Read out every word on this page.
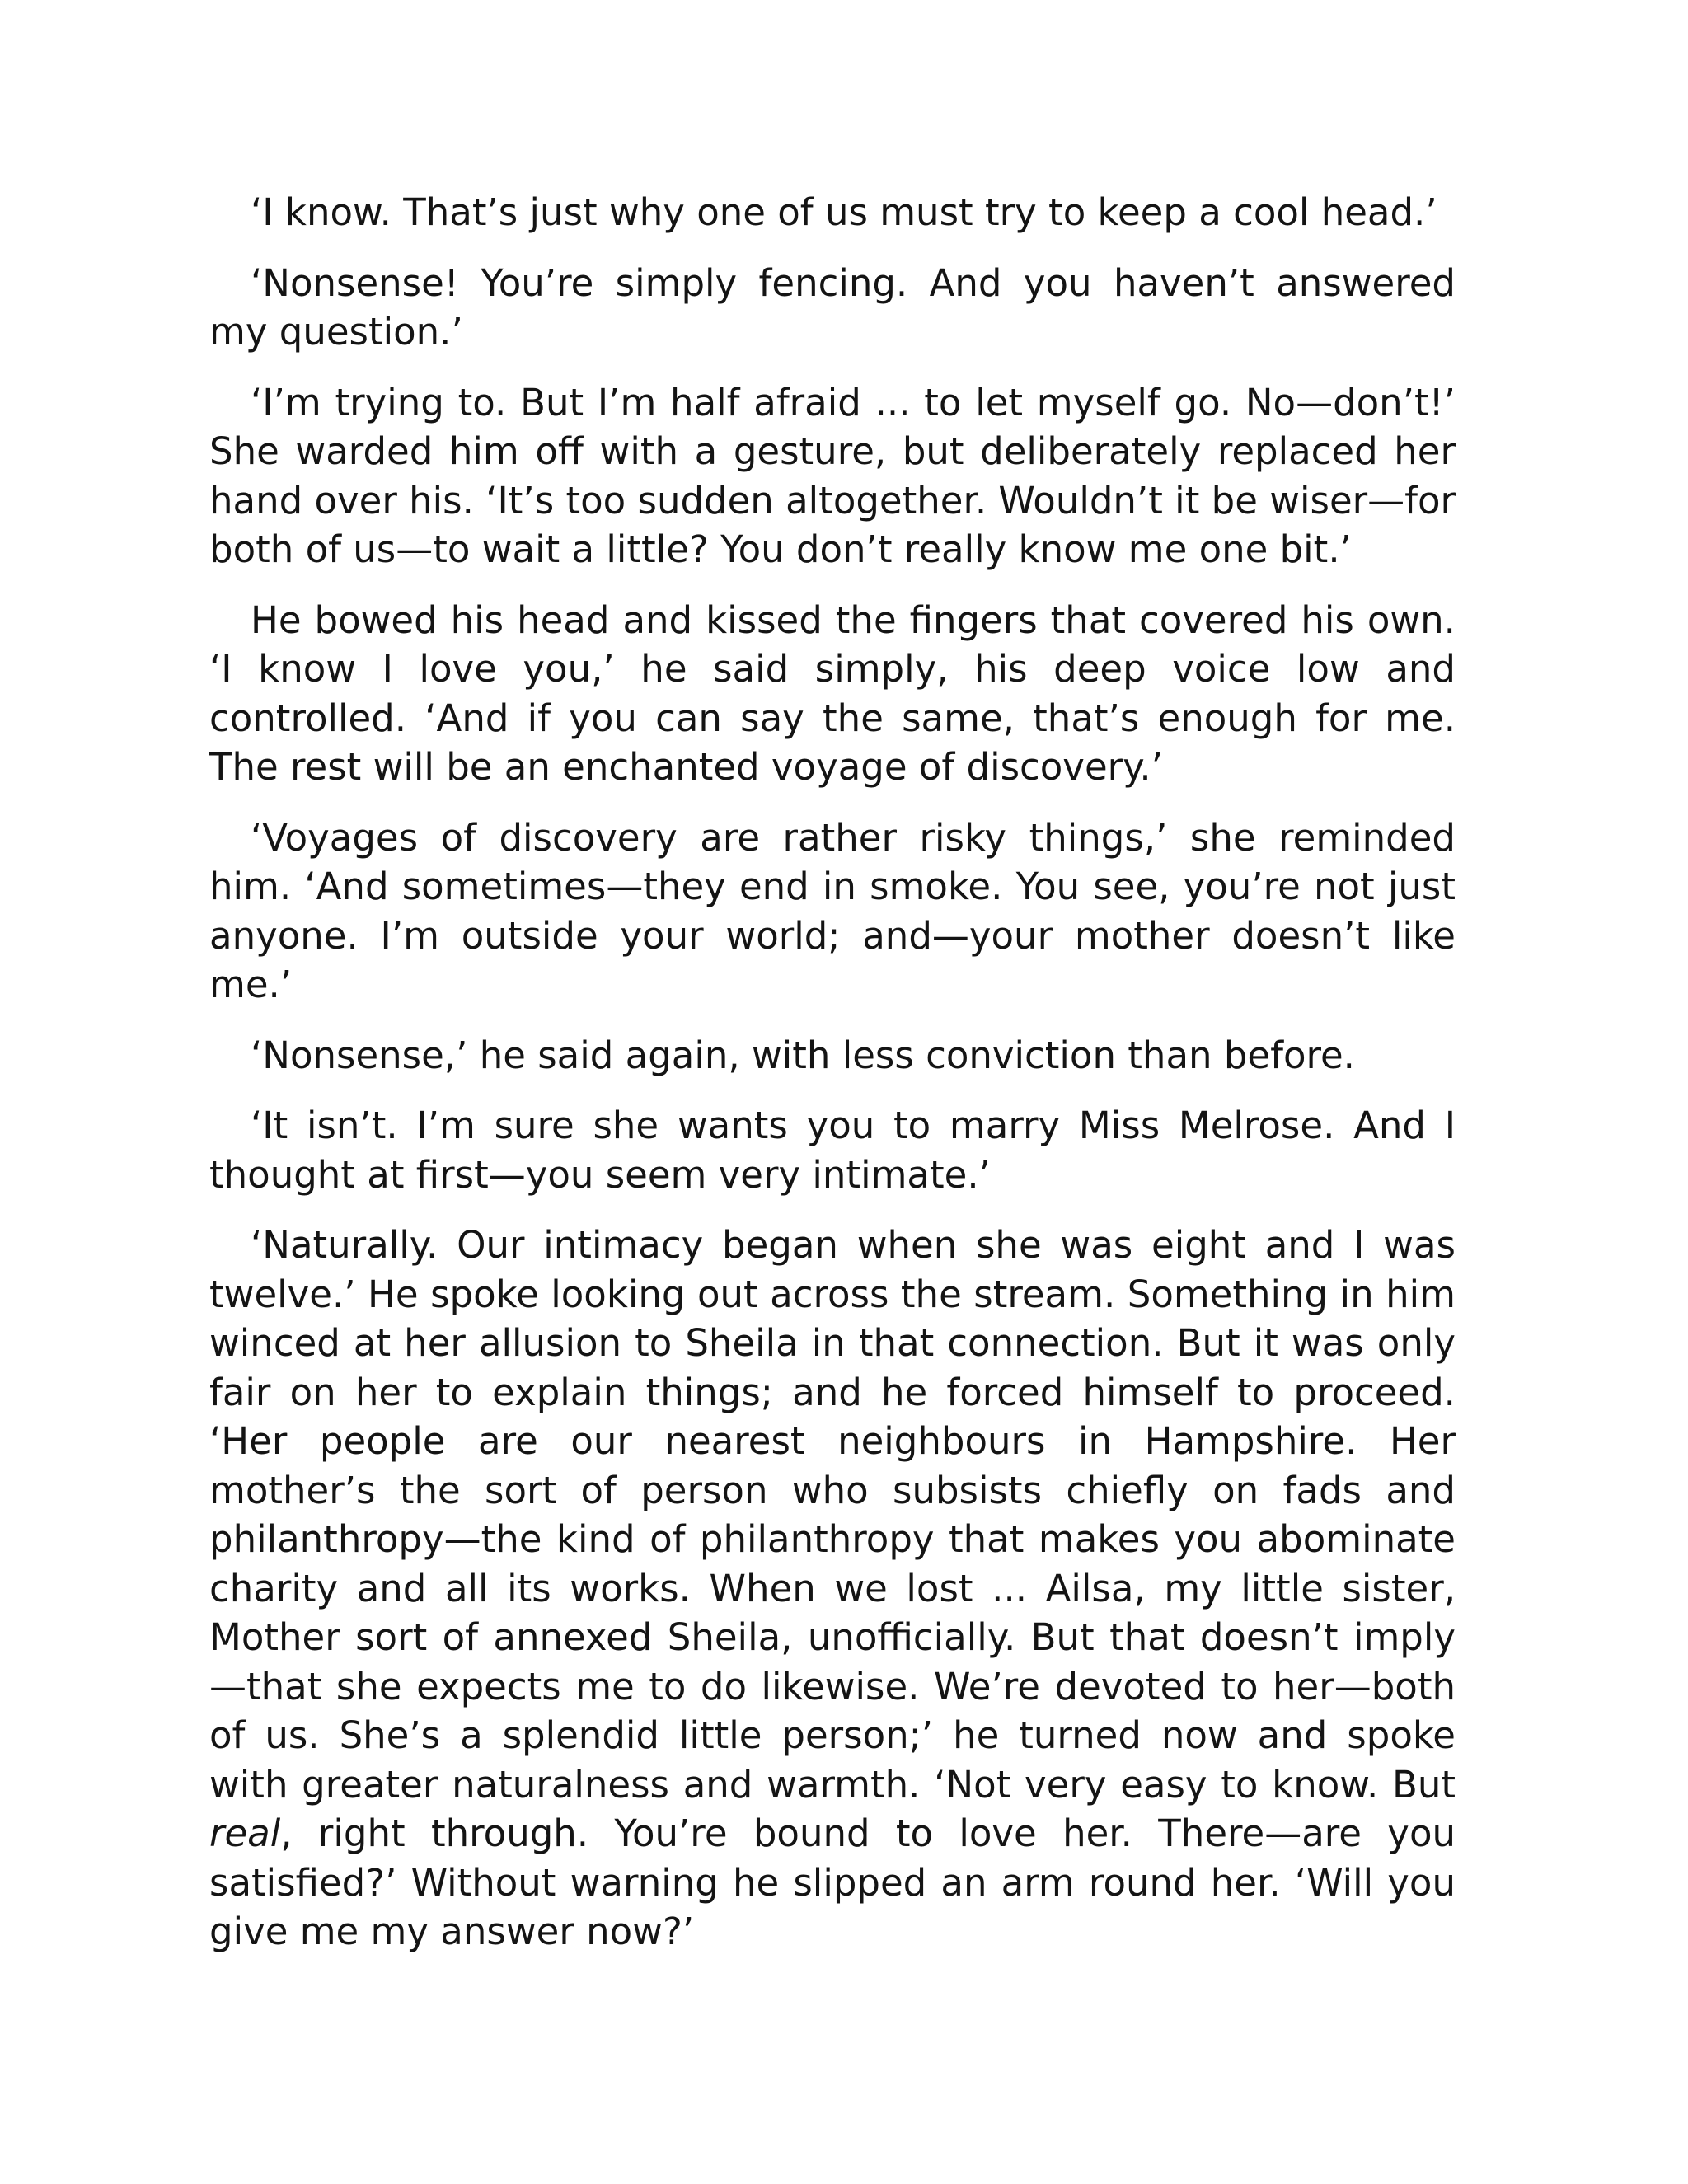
‘I know. That’s just why one of us must try to keep a cool head.’

‘Nonsense! You’re simply fencing. And you haven’t answered my question.’

‘I’m trying to. But I’m half afraid ... to let myself go. No—don’t!’ She warded him off with a gesture, but deliberately replaced her hand over his. ‘It’s too sudden altogether. Wouldn’t it be wiser—for both of us—to wait a little? You don’t really know me one bit.’

He bowed his head and kissed the fingers that covered his own. ‘I know I love you,’ he said simply, his deep voice low and controlled. ‘And if you can say the same, that’s enough for me. The rest will be an enchanted voyage of discovery.’

‘Voyages of discovery are rather risky things,’ she reminded him. ‘And sometimes—they end in smoke. You see, you’re not just anyone. I’m outside your world; and—your mother doesn’t like me.’

‘Nonsense,’ he said again, with less conviction than before.

‘It isn’t. I’m sure she wants you to marry Miss Melrose. And I thought at first—you seem very intimate.’

‘Naturally. Our intimacy began when she was eight and I was twelve.’ He spoke looking out across the stream. Something in him winced at her allusion to Sheila in that connection. But it was only fair on her to explain things; and he forced himself to proceed. ‘Her people are our nearest neighbours in Hampshire. Her mother’s the sort of person who subsists chiefly on fads and philanthropy—the kind of philanthropy that makes you abominate charity and all its works. When we lost ... Ailsa, my little sister, Mother sort of annexed Sheila, unofficially. But that doesn’t imply—that she expects me to do likewise. We’re devoted to her—both of us. She’s a splendid little person;’ he turned now and spoke with greater naturalness and warmth. ‘Not very easy to know. But real, right through. You’re bound to love her. There—are you satisfied?’ Without warning he slipped an arm round her. ‘Will you give me my answer now?’
